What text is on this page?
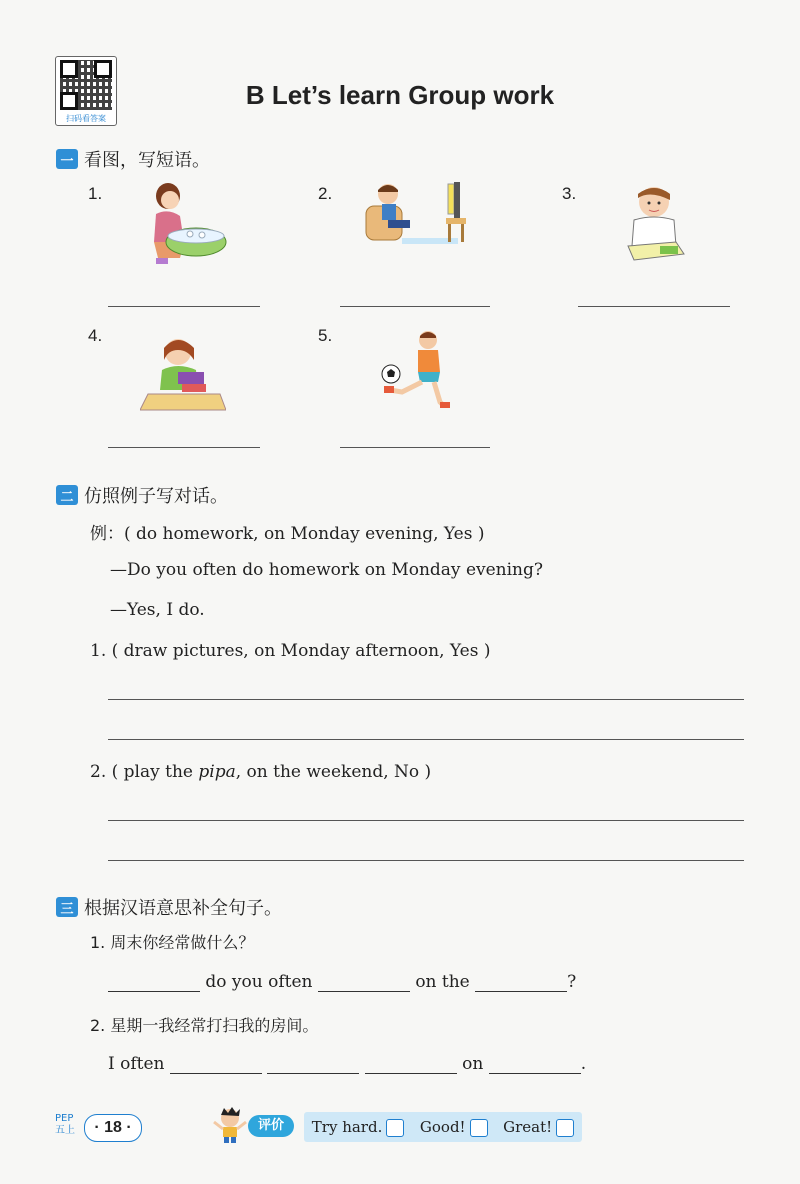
扫码看答案
B Let’s learn Group work
一 看图，写短语。
1.	2.	3.
4.	5.
二 仿照例子写对话。
例：( do homework, on Monday evening, Yes )
—Do you often do homework on Monday evening?
—Yes, I do.
1. ( draw pictures, on Monday afternoon, Yes )
2. ( play the pipa, on the weekend, No )
三 根据汉语意思补全句子。
1. 周末你经常做什么？
do you often	on the	?
2. 星期一我经常打扫我的房间。
I often	on	.
PEP
五上	· 18 ·	评价	Try hard.	Good!	Great!
